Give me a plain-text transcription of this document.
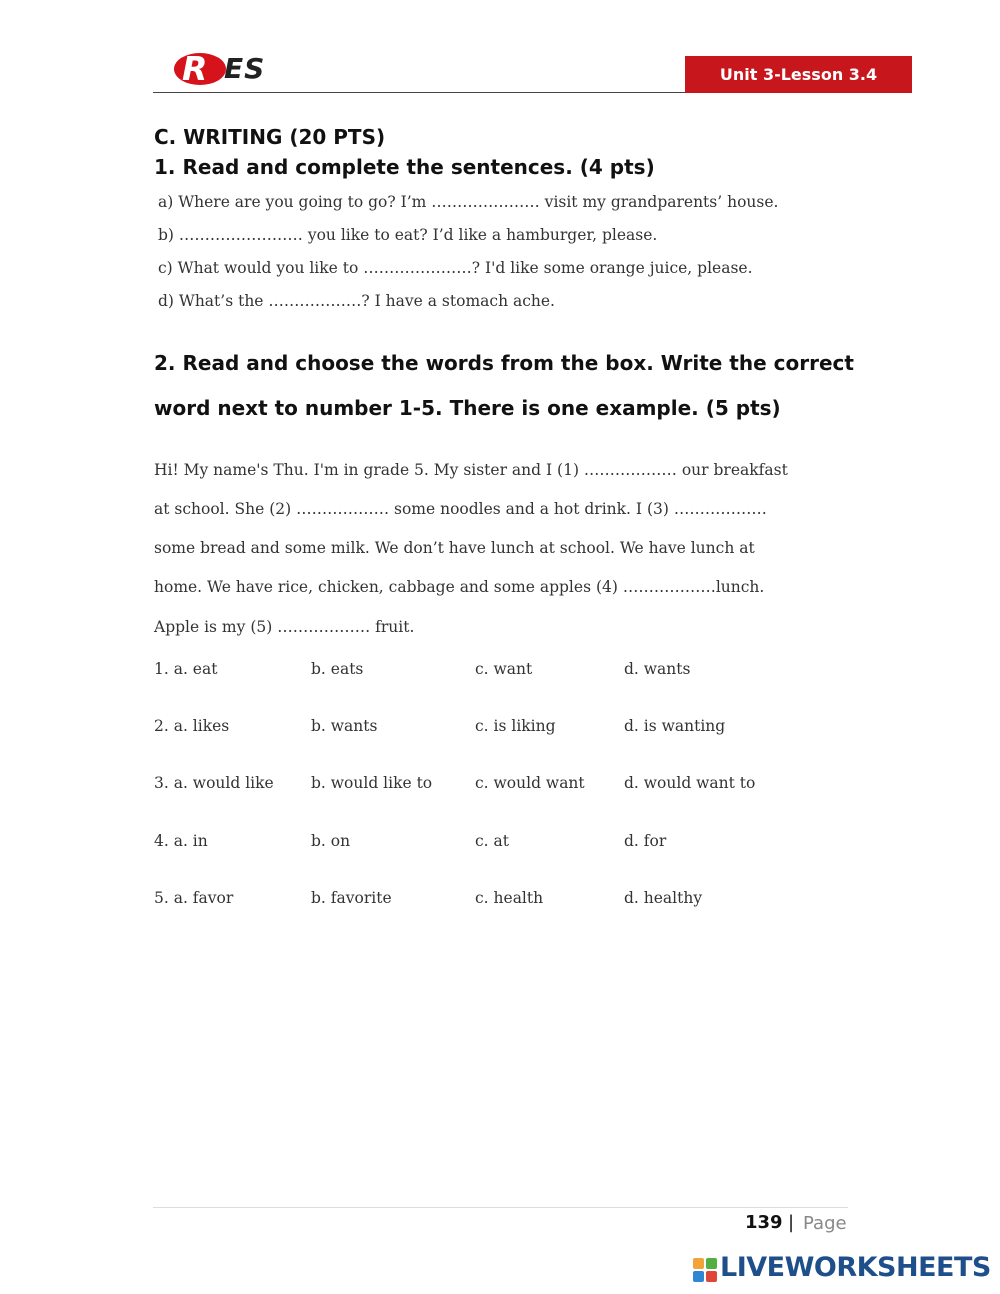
R ES	Unit 3-Lesson 3.4
C. WRITING (20 PTS)
1. Read and complete the sentences. (4 pts)
a) Where are you going to go? I’m ………………… visit my grandparents’ house.
b) …………………… you like to eat? I’d like a hamburger, please.
c) What would you like to …………………? I'd like some orange juice, please.
d) What’s the ………………? I have a stomach ache.
2. Read and choose the words from the box. Write the correct
word next to number 1-5. There is one example. (5 pts)
Hi! My name's Thu. I'm in grade 5. My sister and I (1) ……………… our breakfast
at school. She (2) ……………… some noodles and a hot drink. I (3) ………………
some bread and some milk. We don’t have lunch at school. We have lunch at
home. We have rice, chicken, cabbage and some apples (4) ………………lunch.
Apple is my (5) ……………… fruit.
1. a. eat	b. eats	c. want	d. wants
2. a. likes	b. wants	c. is liking	d. is wanting
3. a. would like b. would like to	c. would want	d. would want to
4. a. in	b. on	c. at	d. for
5. a. favor	b. favorite	c. health	d. healthy
139 | Page
LIVEWORKSHEETS
